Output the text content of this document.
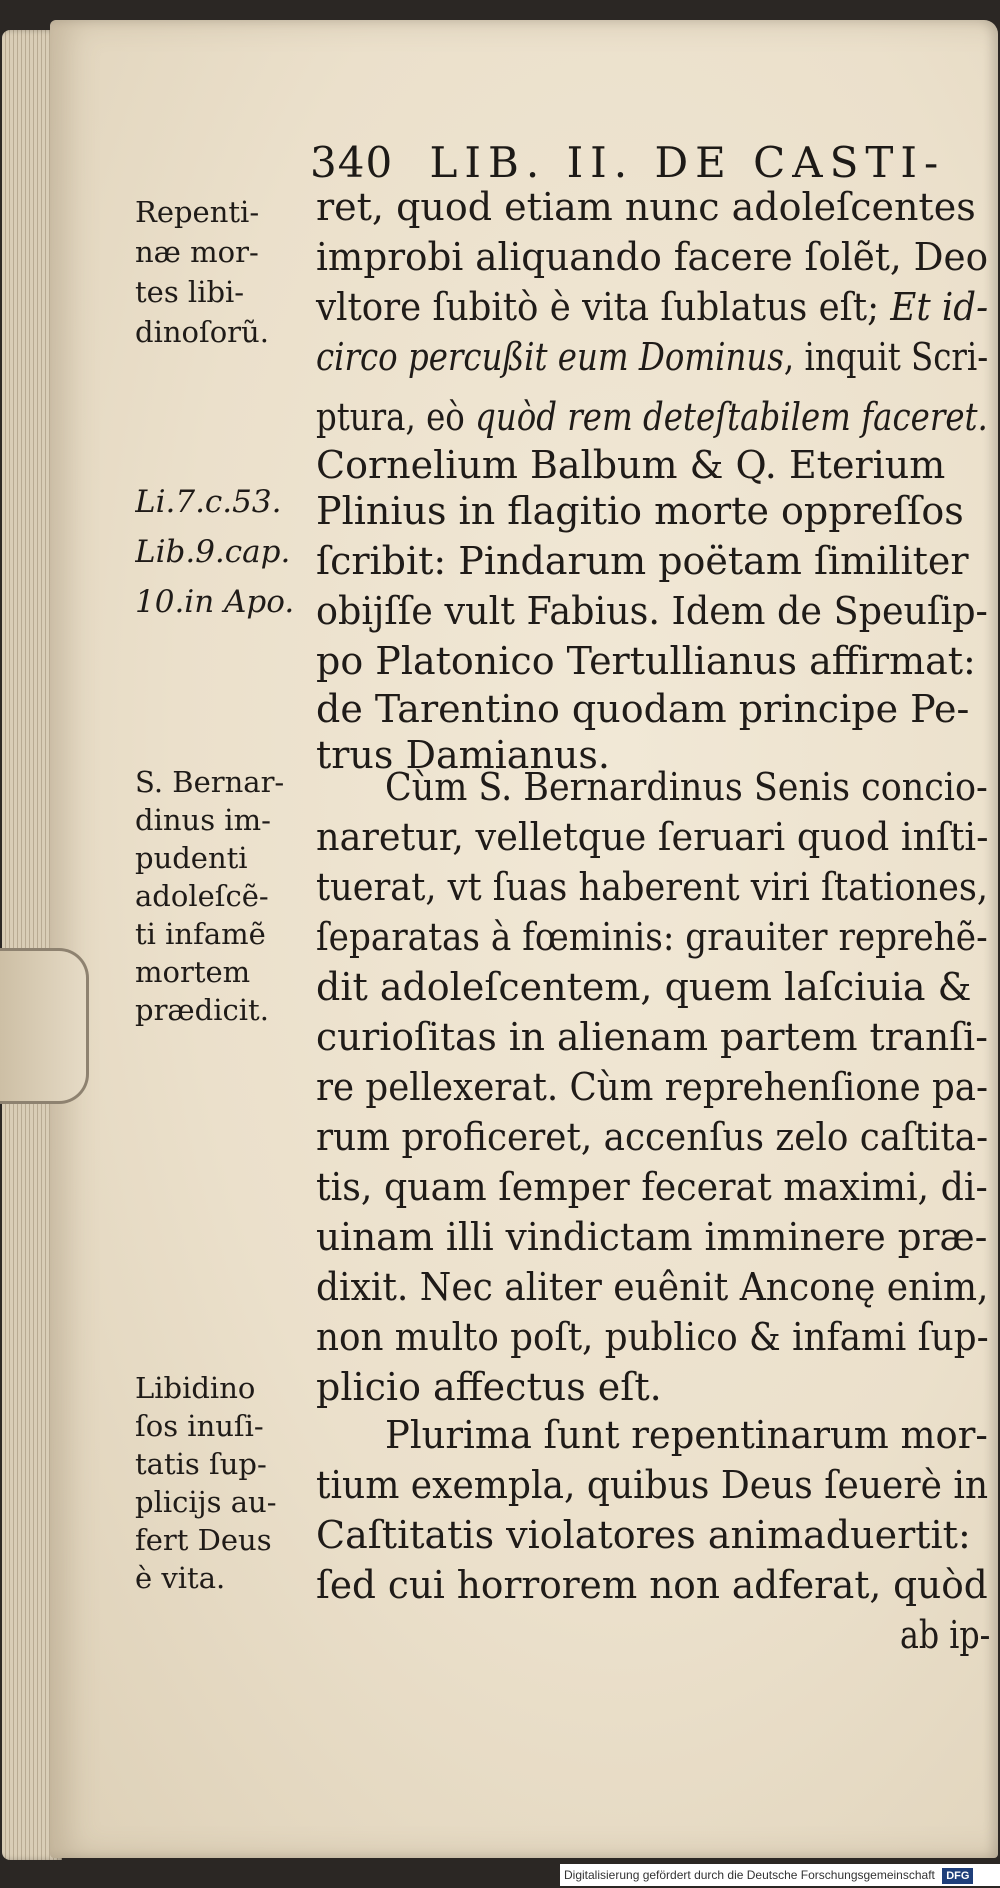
340 LIB. II. DE CASTI-
ret, quod etiam nunc adoleſcentes
improbi aliquando facere ſolẽt, Deo
vltore ſubitò è vita ſublatus eſt; Et id-
circo percußit eum Dominus, inquit Scri-
ptura, eò quòd rem deteſtabilem faceret.
Cornelium Balbum & Q. Eterium
Plinius in flagitio morte oppreſſos
ſcribit: Pindarum poëtam ſimiliter
obijſſe vult Fabius. Idem de Speuſip-
po Platonico Tertullianus affirmat:
de Tarentino quodam principe Pe-
trus Damianus.
Cùm S. Bernardinus Senis concio-
naretur, velletque ſeruari quod inſti-
tuerat, vt ſuas haberent viri ſtationes,
ſeparatas à fœminis: grauiter reprehẽ-
dit adoleſcentem, quem laſciuia &
curioſitas in alienam partem tranſi-
re pellexerat. Cùm reprehenſione pa-
rum proficeret, accenſus zelo caſtita-
tis, quam ſemper fecerat maximi, di-
uinam illi vindictam imminere præ-
dixit. Nec aliter euênit Anconę enim,
non multo poſt, publico & infami ſup-
plicio affectus eſt.
Plurima ſunt repentinarum mor-
tium exempla, quibus Deus ſeuerè in
Caſtitatis violatores animaduertit:
ſed cui horrorem non adferat, quòd
ab ip-
Repenti-
næ mor-
tes libi-
dinoſorũ.
Li.7.c.53.
Lib.9.cap.
10.in Apo.
S. Bernar-
dinus im-
pudenti
adoleſcẽ-
ti infamẽ
mortem
prædicit.
Libidino
ſos inuſi-
tatis ſup-
plicijs au-
fert Deus
è vita.
Digitalisierung gefördert durch die Deutsche Forschungsgemeinschaft DFG
